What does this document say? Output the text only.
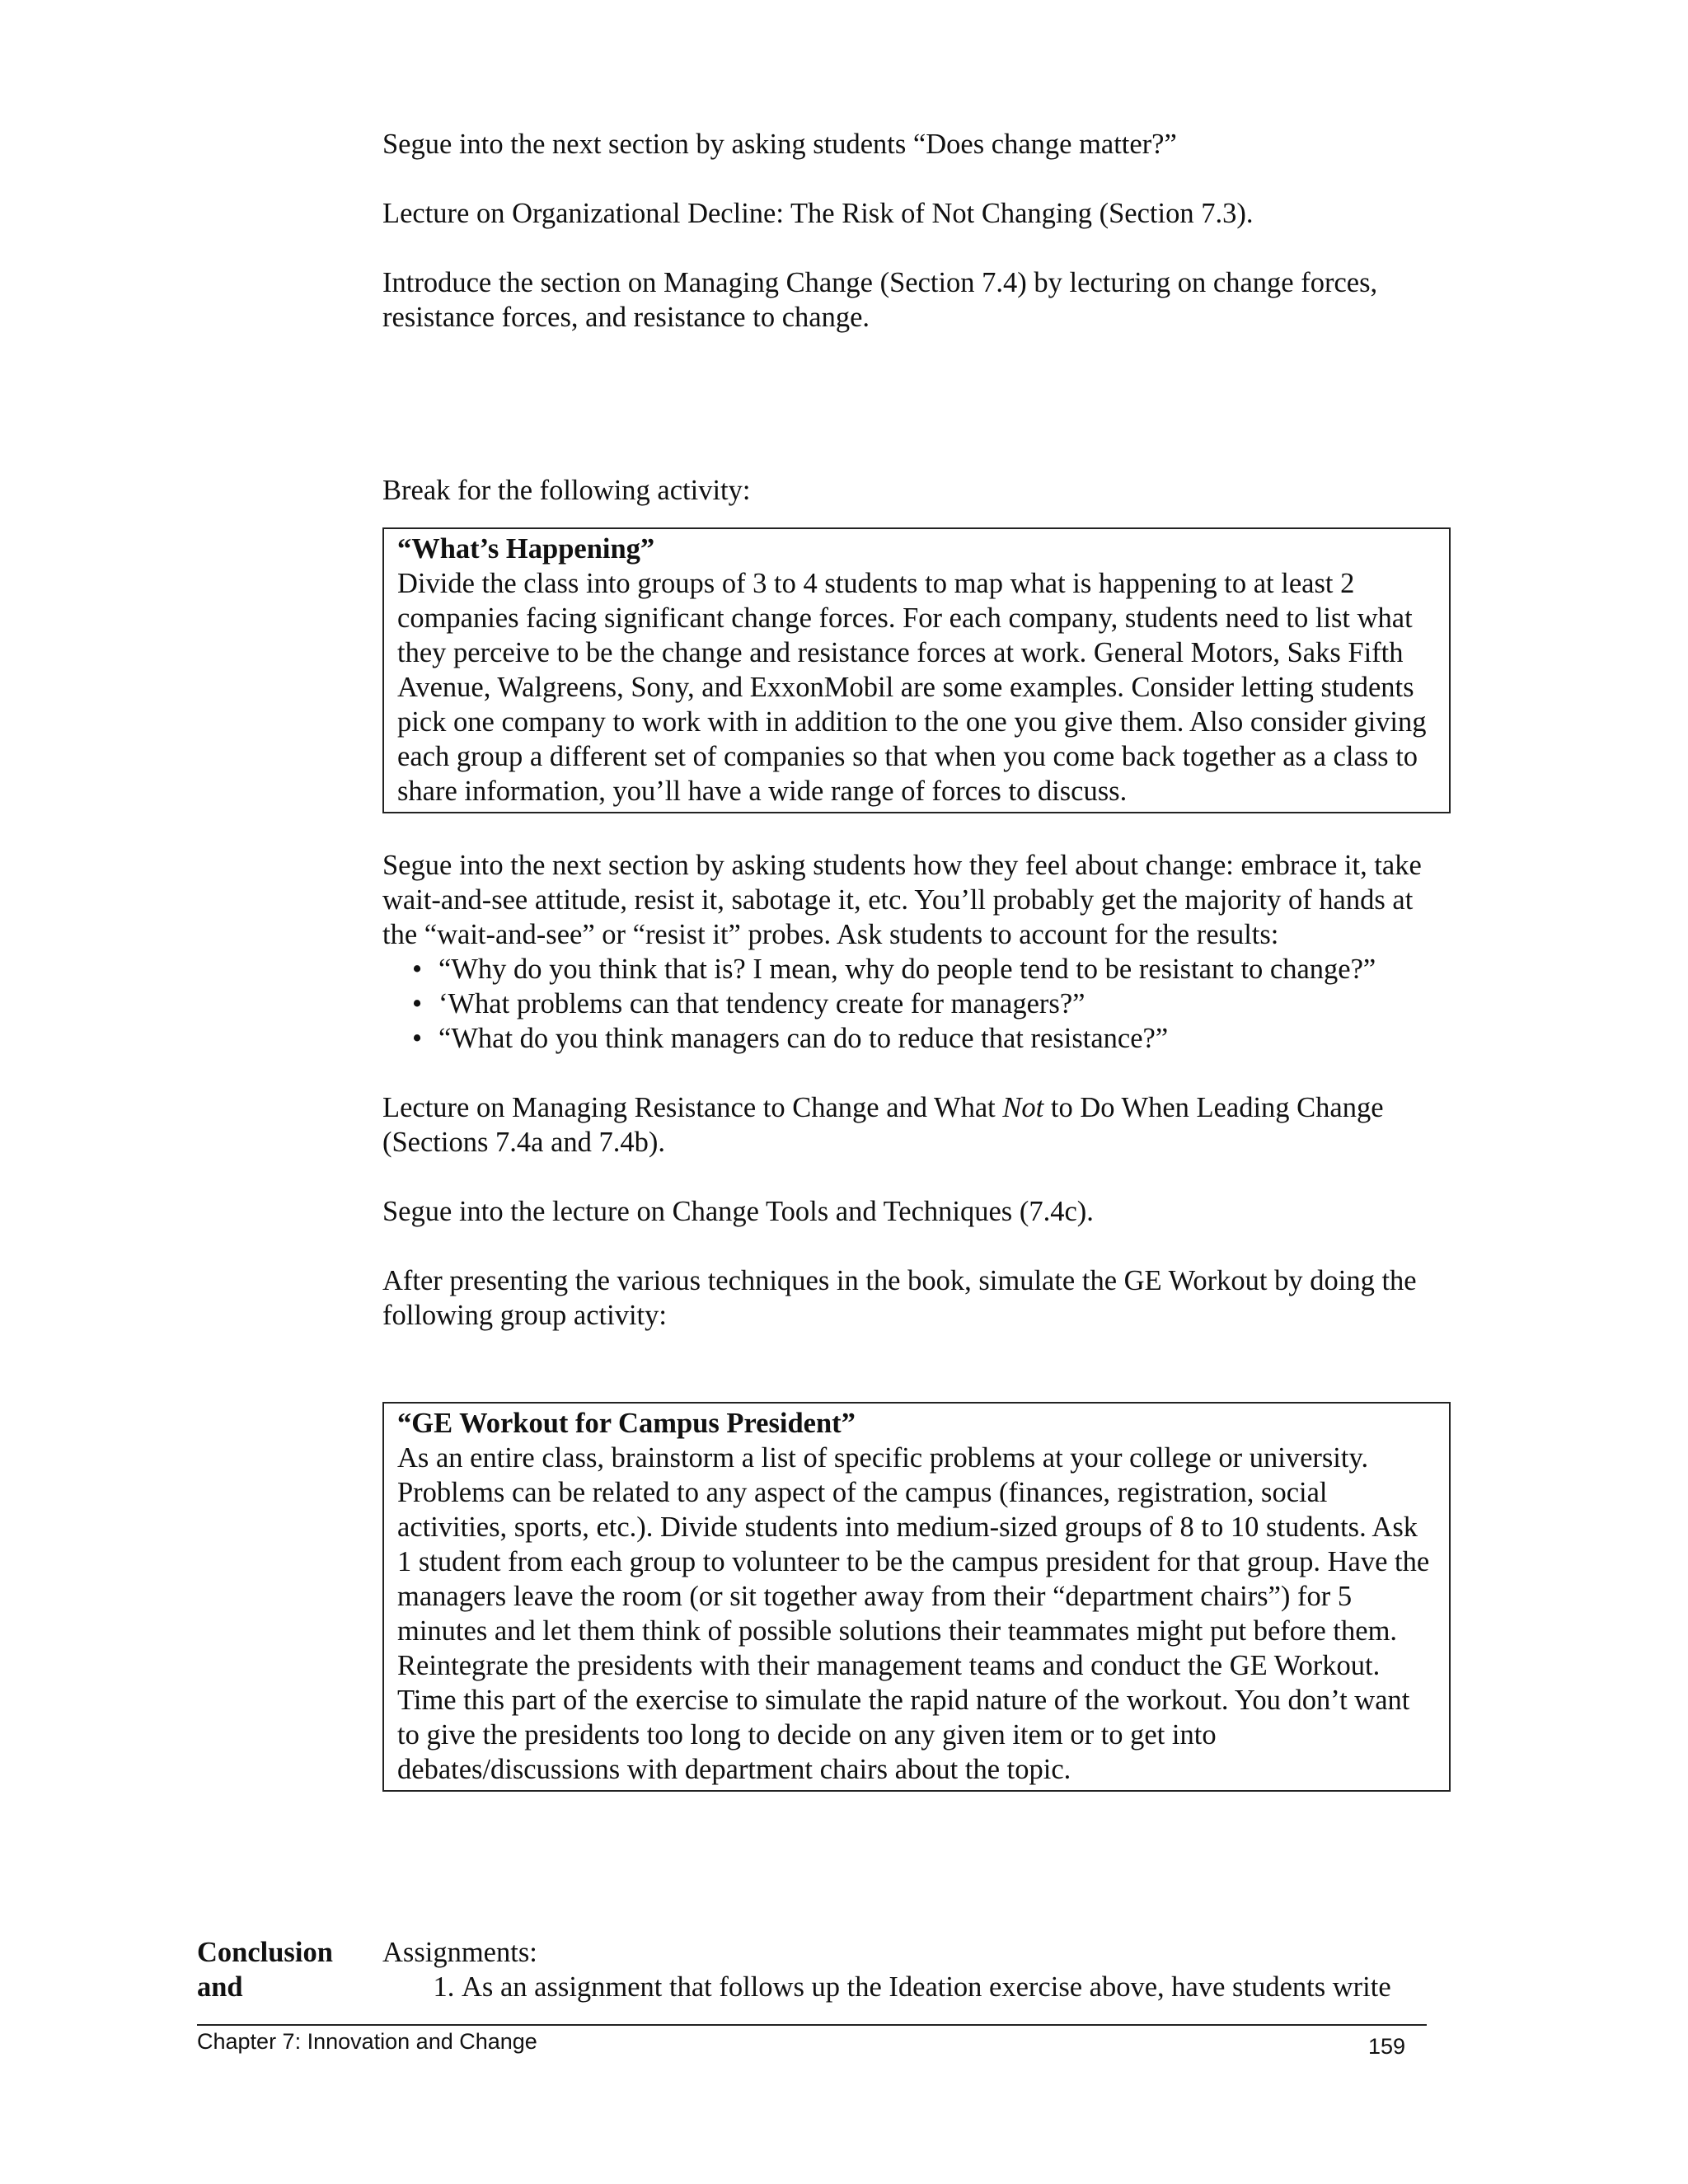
Segue into the next section by asking students “Does change matter?”

Lecture on Organizational Decline: The Risk of Not Changing (Section 7.3).

Introduce the section on Managing Change (Section 7.4) by lecturing on change forces, resistance forces, and resistance to change.

Break for the following activity:

“What’s Happening”
Divide the class into groups of 3 to 4 students to map what is happening to at least 2 companies facing significant change forces. For each company, students need to list what they perceive to be the change and resistance forces at work. General Motors, Saks Fifth Avenue, Walgreens, Sony, and ExxonMobil are some examples. Consider letting students pick one company to work with in addition to the one you give them. Also consider giving each group a different set of companies so that when you come back together as a class to share information, you’ll have a wide range of forces to discuss.

Segue into the next section by asking students how they feel about change: embrace it, take wait-and-see attitude, resist it, sabotage it, etc. You’ll probably get the majority of hands at the “wait-and-see” or “resist it” probes. Ask students to account for the results:

• “Why do you think that is? I mean, why do people tend to be resistant to change?”
• ‘What problems can that tendency create for managers?”
• “What do you think managers can do to reduce that resistance?”

Lecture on Managing Resistance to Change and What Not to Do When Leading Change (Sections 7.4a and 7.4b).

Segue into the lecture on Change Tools and Techniques (7.4c).

After presenting the various techniques in the book, simulate the GE Workout by doing the following group activity:

“GE Workout for Campus President”
As an entire class, brainstorm a list of specific problems at your college or university. Problems can be related to any aspect of the campus (finances, registration, social activities, sports, etc.). Divide students into medium-sized groups of 8 to 10 students. Ask 1 student from each group to volunteer to be the campus president for that group. Have the managers leave the room (or sit together away from their “department chairs”) for 5 minutes and let them think of possible solutions their teammates might put before them. Reintegrate the presidents with their management teams and conduct the GE Workout. Time this part of the exercise to simulate the rapid nature of the workout. You don’t want to give the presidents too long to decide on any given item or to get into debates/discussions with department chairs about the topic.
Conclusion
and
Assignments:
1. As an assignment that follows up the Ideation exercise above, have students write
Chapter 7: Innovation and Change	159
